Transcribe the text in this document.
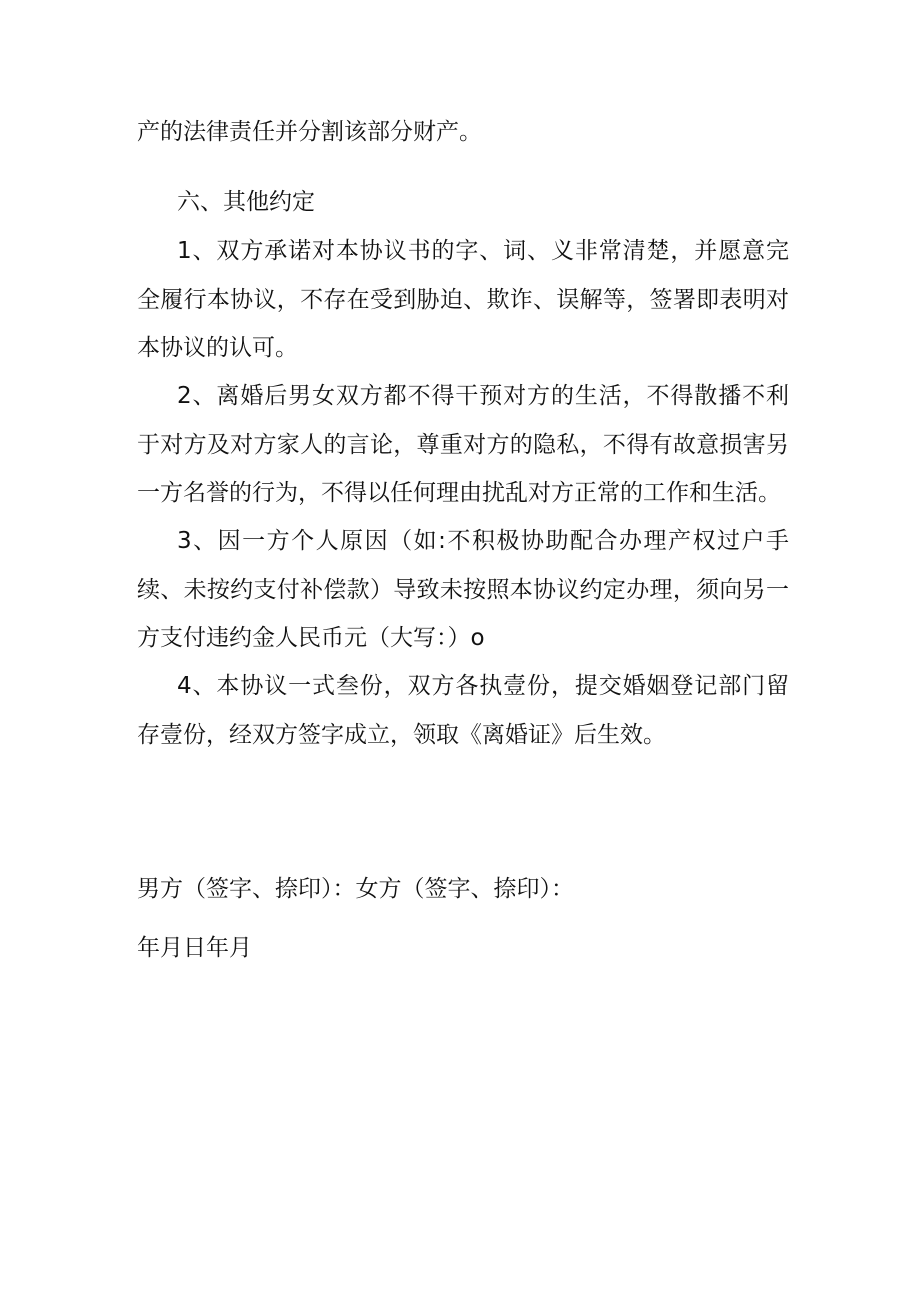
产的法律责任并分割该部分财产。

六、其他约定

1、双方承诺对本协议书的字、词、义非常清楚，并愿意完全履行本协议，不存在受到胁迫、欺诈、误解等，签署即表明对本协议的认可。

2、离婚后男女双方都不得干预对方的生活，不得散播不利于对方及对方家人的言论，尊重对方的隐私，不得有故意损害另一方名誉的行为，不得以任何理由扰乱对方正常的工作和生活。

3、因一方个人原因（如:不积极协助配合办理产权过户手续、未按约支付补偿款）导致未按照本协议约定办理，须向另一方支付违约金人民币元（大写：）o

4、本协议一式叁份，双方各执壹份，提交婚姻登记部门留存壹份，经双方签字成立，领取《离婚证》后生效。

男方（签字、捺印）：女方（签字、捺印）：

年月日年月
